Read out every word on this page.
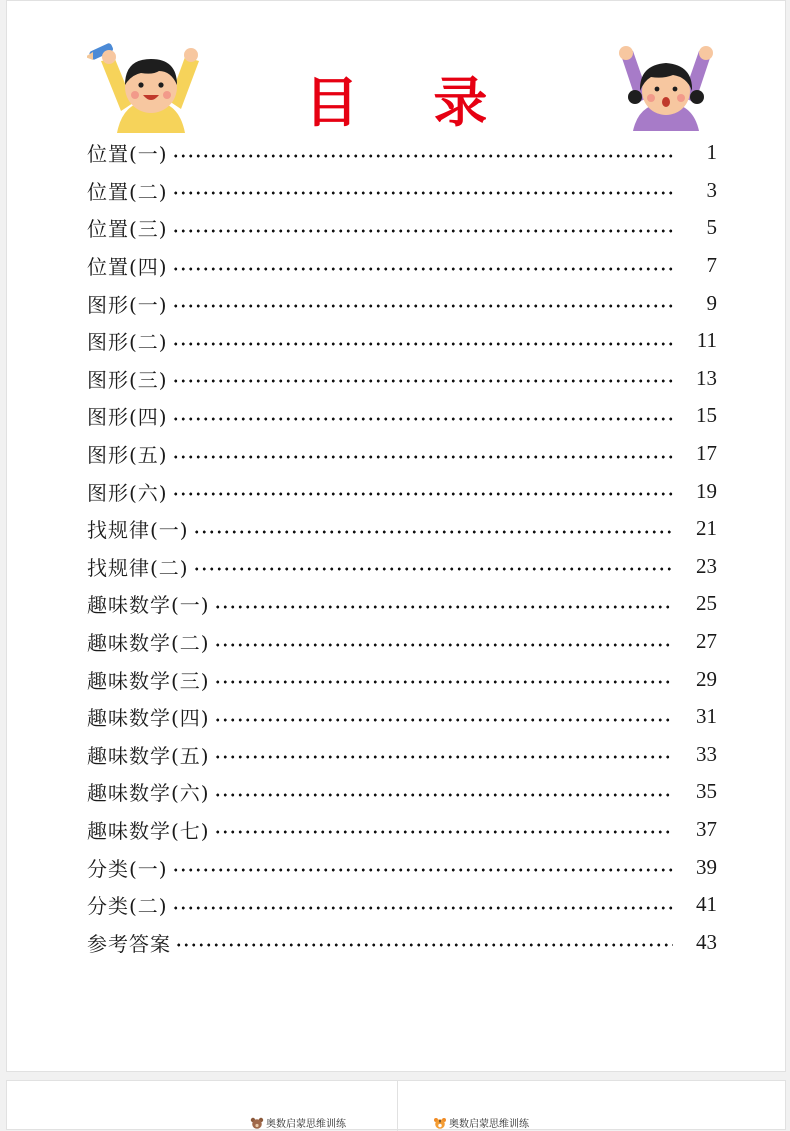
目 录
位置(一)	1
位置(二)	3
位置(三)	5
位置(四)	7
图形(一)	9
图形(二)	11
图形(三)	13
图形(四)	15
图形(五)	17
图形(六)	19
找规律(一)	21
找规律(二)	23
趣味数学(一)	25
趣味数学(二)	27
趣味数学(三)	29
趣味数学(四)	31
趣味数学(五)	33
趣味数学(六)	35
趣味数学(七)	37
分类(一)	39
分类(二)	41
参考答案	43
奥数启蒙思维训练	奥数启蒙思维训练
